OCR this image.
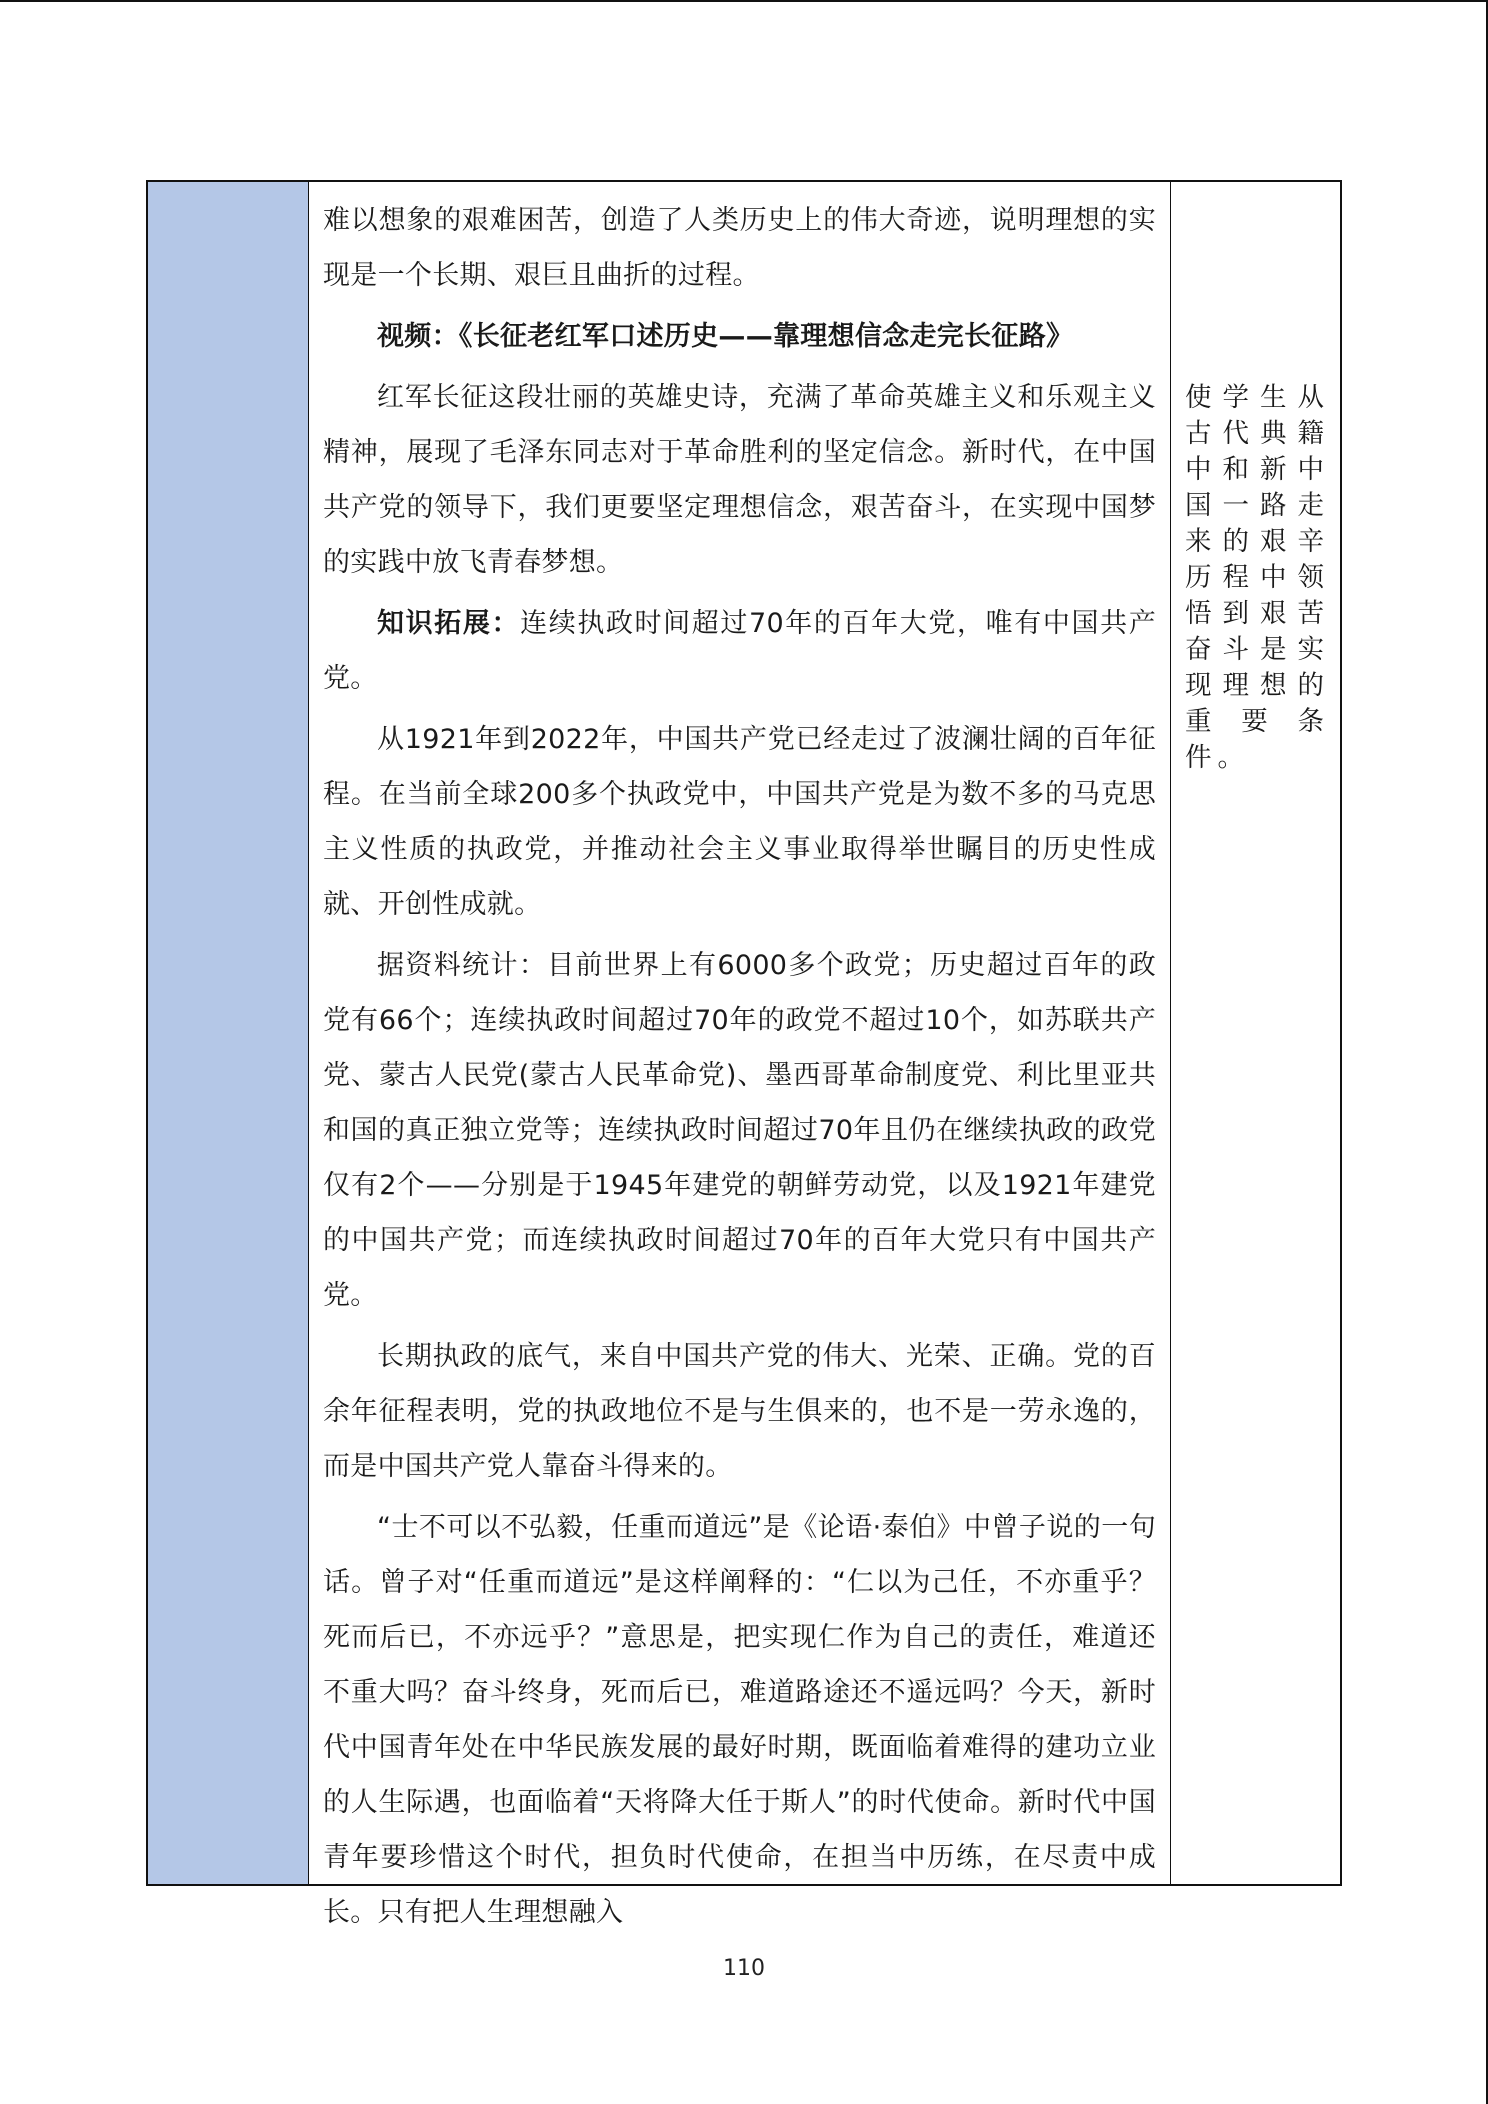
难以想象的艰难困苦，创造了人类历史上的伟大奇迹，说明理想的实现是一个长期、艰巨且曲折的过程。

视频：《长征老红军口述历史——靠理想信念走完长征路》

红军长征这段壮丽的英雄史诗，充满了革命英雄主义和乐观主义精神，展现了毛泽东同志对于革命胜利的坚定信念。新时代，在中国共产党的领导下，我们更要坚定理想信念，艰苦奋斗，在实现中国梦的实践中放飞青春梦想。

知识拓展：连续执政时间超过70年的百年大党，唯有中国共产党。

从1921年到2022年，中国共产党已经走过了波澜壮阔的百年征程。在当前全球200多个执政党中，中国共产党是为数不多的马克思主义性质的执政党，并推动社会主义事业取得举世瞩目的历史性成就、开创性成就。

据资料统计：目前世界上有6000多个政党；历史超过百年的政党有66个；连续执政时间超过70年的政党不超过10个，如苏联共产党、蒙古人民党(蒙古人民革命党)、墨西哥革命制度党、利比里亚共和国的真正独立党等；连续执政时间超过70年且仍在继续执政的政党仅有2个——分别是于1945年建党的朝鲜劳动党，以及1921年建党的中国共产党；而连续执政时间超过70年的百年大党只有中国共产党。

长期执政的底气，来自中国共产党的伟大、光荣、正确。党的百余年征程表明，党的执政地位不是与生俱来的，也不是一劳永逸的，而是中国共产党人靠奋斗得来的。

“士不可以不弘毅，任重而道远”是《论语·泰伯》中曾子说的一句话。曾子对“任重而道远”是这样阐释的：“仁以为己任，不亦重乎？死而后已，不亦远乎？”意思是，把实现仁作为自己的责任，难道还不重大吗？奋斗终身，死而后已，难道路途还不遥远吗？今天，新时代中国青年处在中华民族发展的最好时期，既面临着难得的建功立业的人生际遇，也面临着“天将降大任于斯人”的时代使命。新时代中国青年要珍惜这个时代，担负时代使命，在担当中历练，在尽责中成长。只有把人生理想融入

使学生从古代典籍中和新中国一路走来的艰辛历程中领悟到艰苦奋斗是实现理想的重要条件。

110
